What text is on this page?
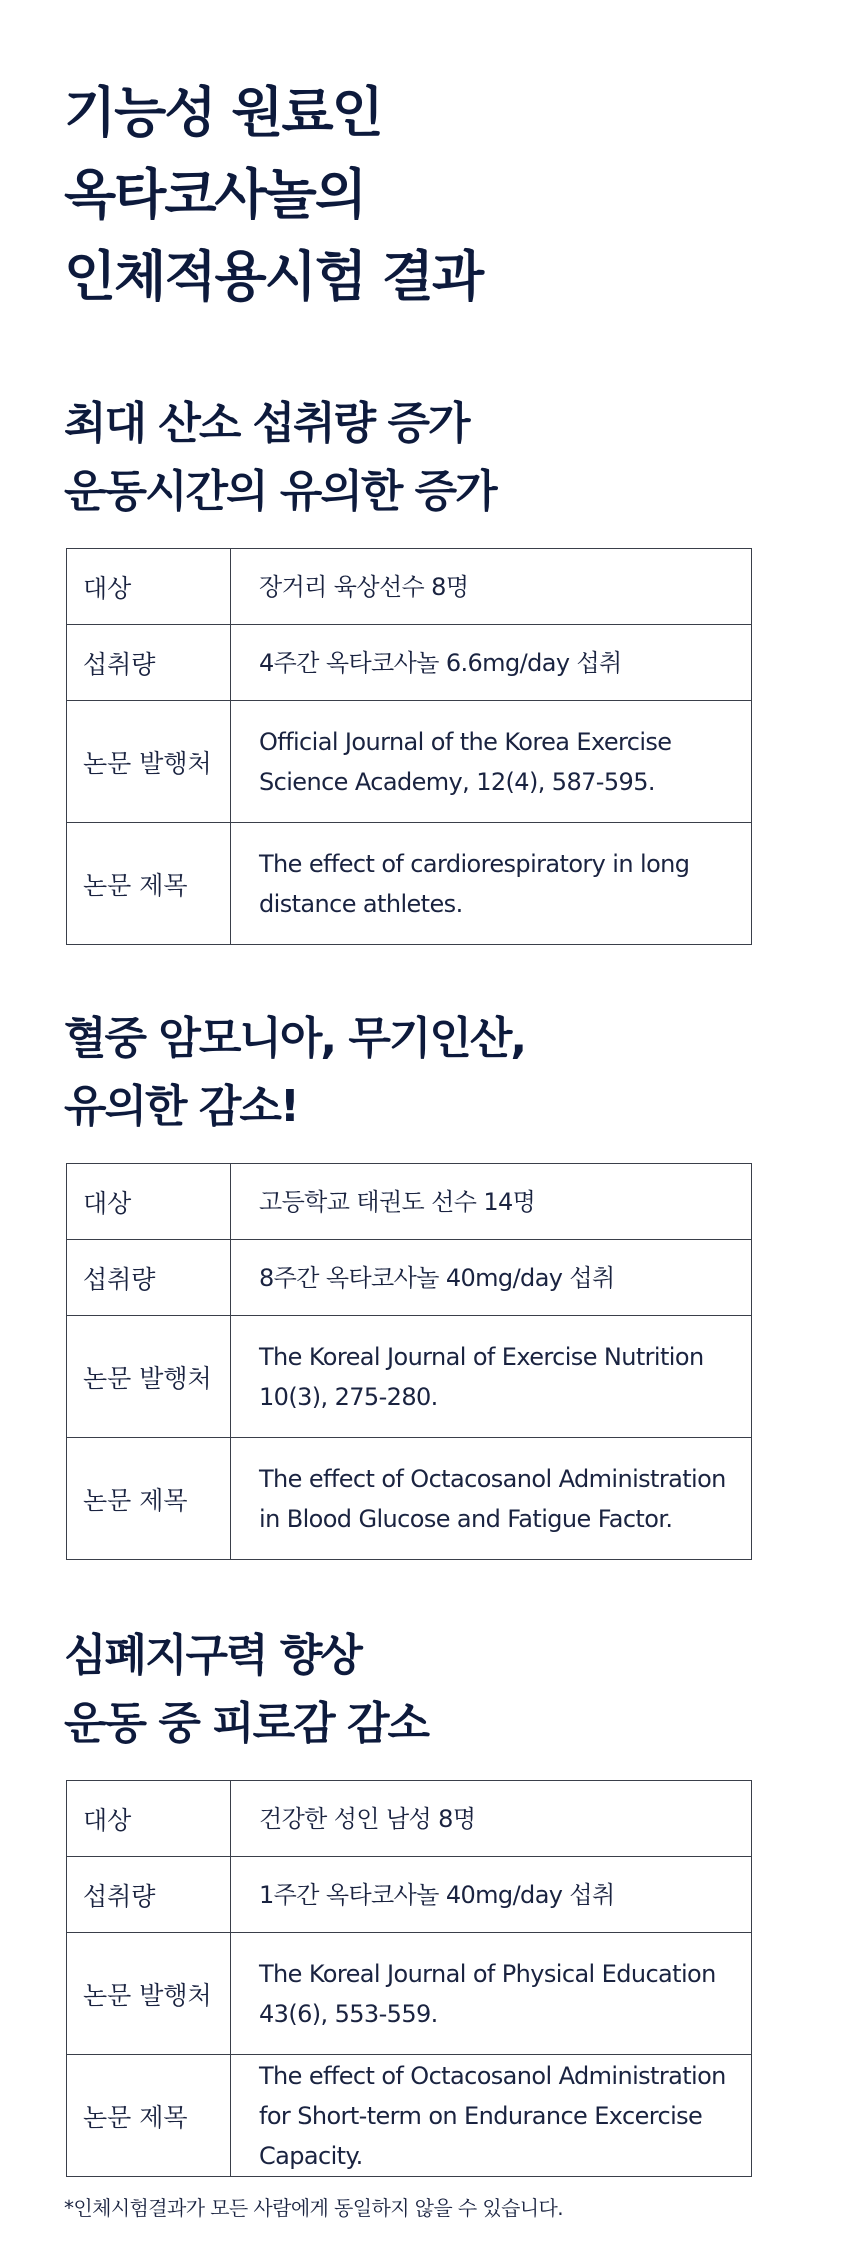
기능성 원료인
옥타코사놀의
인체적용시험 결과
최대 산소 섭취량 증가
운동시간의 유의한 증가
대상	장거리 육상선수 8명
섭취량	4주간 옥타코사놀 6.6mg/day 섭취
논문 발행처	Official Journal of the Korea Exercise Science Academy, 12(4), 587-595.
논문 제목	The effect of cardiorespiratory in long distance athletes.
혈중 암모니아, 무기인산,
유의한 감소!
대상	고등학교 태권도 선수 14명
섭취량	8주간 옥타코사놀 40mg/day 섭취
논문 발행처	The Koreal Journal of Exercise Nutrition 10(3), 275-280.
논문 제목	The effect of Octacosanol Administration in Blood Glucose and Fatigue Factor.
심폐지구력 향상
운동 중 피로감 감소
대상	건강한 성인 남성 8명
섭취량	1주간 옥타코사놀 40mg/day 섭취
논문 발행처	The Koreal Journal of Physical Education 43(6), 553-559.
논문 제목	The effect of Octacosanol Administration for Short-term on Endurance Excercise Capacity.

*인체시험결과가 모든 사람에게 동일하지 않을 수 있습니다.
